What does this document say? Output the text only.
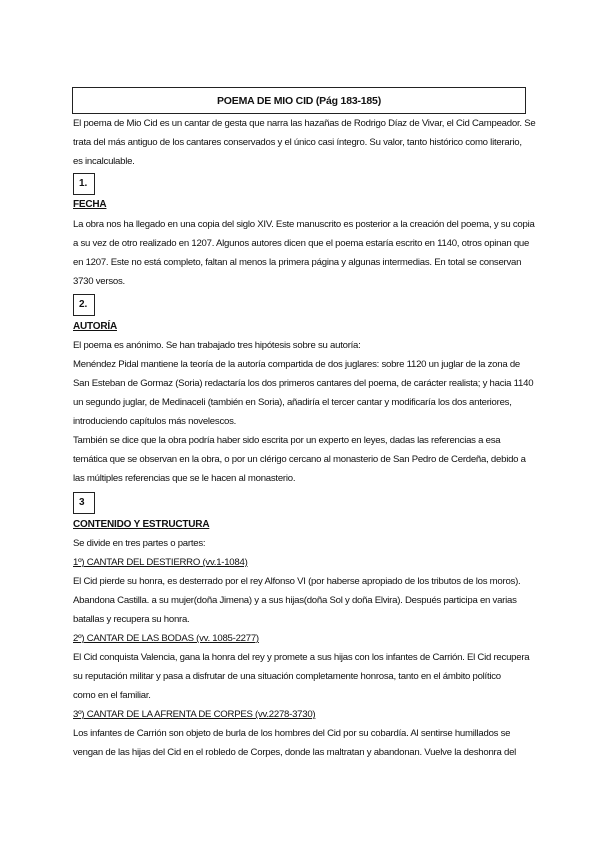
POEMA DE MIO CID (Pág 183-185)
El poema de Mio Cid es un cantar de gesta que narra las hazañas de Rodrigo Díaz de Vivar, el Cid Campeador. Se
trata del más antiguo de los cantares conservados y el único casi íntegro. Su valor, tanto histórico como literario,
es incalculable.
1.
FECHA
La obra nos ha llegado en una copia del siglo XIV. Este manuscrito es posterior a la creación del poema, y su copia
a su vez de otro realizado en 1207. Algunos autores dicen que el poema estaría escrito en 1140, otros opinan que
en 1207. Este no está completo, faltan al menos la primera página y algunas intermedias. En total se conservan
3730 versos.
2.
AUTORÍA
El poema es anónimo. Se han trabajado tres hipótesis sobre su autoría:
Menéndez Pidal mantiene la teoría de la autoría compartida de dos juglares: sobre 1120 un juglar de la zona de
San Esteban de Gormaz (Soria) redactaría los dos primeros cantares del poema, de carácter realista; y hacia 1140
un segundo juglar, de Medinaceli (también en Soria), añadiría el tercer cantar y modificaría los dos anteriores,
introduciendo capítulos más novelescos.
También se dice que la obra podría haber sido escrita por un experto en leyes, dadas las referencias a esa
temática que se observan en la obra, o por un clérigo cercano al monasterio de San Pedro de Cerdeña, debido a
las múltiples referencias que se le hacen al monasterio.
3
CONTENIDO Y ESTRUCTURA
Se divide en tres partes o partes:
1º) CANTAR DEL DESTIERRO (vv.1-1084)
El Cid pierde su honra, es desterrado por el rey Alfonso VI (por haberse apropiado de los tributos de los moros).
Abandona Castilla. a su mujer(doña Jimena) y a sus hijas(doña Sol y doña Elvira). Después participa en varias
batallas y recupera su honra.
2º) CANTAR DE LAS BODAS (vv. 1085-2277)
El Cid conquista Valencia, gana la honra del rey y promete a sus hijas con los infantes de Carrión. El Cid recupera
su reputación militar y pasa a disfrutar de una situación completamente honrosa, tanto en el ámbito político
como en el familiar.
3º) CANTAR DE LA AFRENTA DE CORPES (vv.2278-3730)
Los infantes de Carrión son objeto de burla de los hombres del Cid por su cobardía. Al sentirse humillados se
vengan de las hijas del Cid en el robledo de Corpes, donde las maltratan y abandonan. Vuelve la deshonra del
